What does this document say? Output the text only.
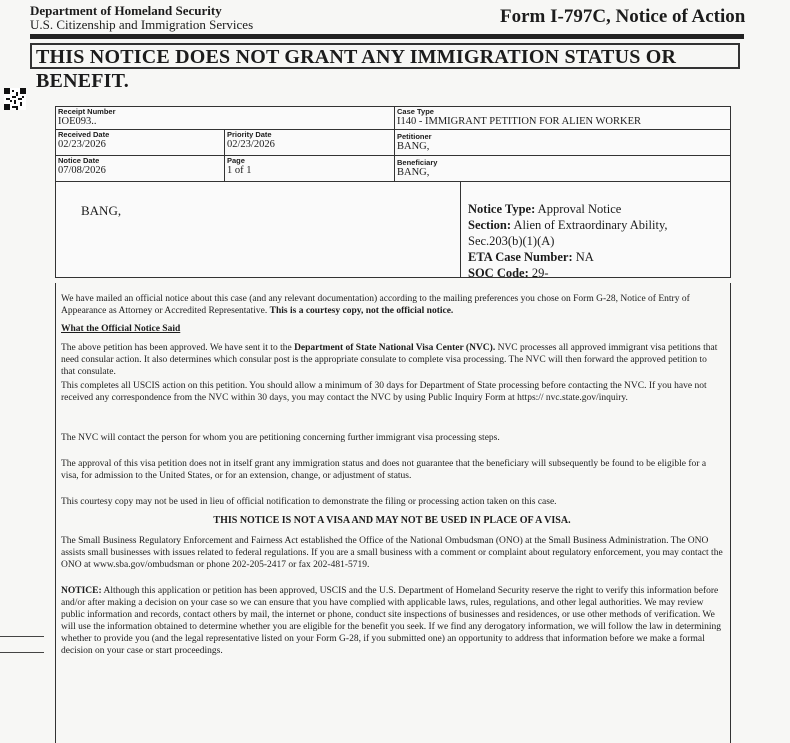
Department of Homeland Security
U.S. Citizenship and Immigration Services	Form I-797C, Notice of Action
THIS NOTICE DOES NOT GRANT ANY IMMIGRATION STATUS OR BENEFIT.
Receipt Number
IOE093..
Case Type
I140 - IMMIGRANT PETITION FOR ALIEN WORKER
Received Date
02/23/2026
Priority Date
02/23/2026
Petitioner
BANG,
Notice Date
07/08/2026
Page
1 of 1
Beneficiary
BANG,
BANG,	Notice Type: Approval Notice
Section: Alien of Extraordinary Ability,
Sec.203(b)(1)(A)
ETA Case Number: NA
SOC Code: 29-
We have mailed an official notice about this case (and any relevant documentation) according to the mailing preferences you chose on Form G-28, Notice of Entry of Appearance as Attorney or Accredited Representative. This is a courtesy copy, not the official notice.
What the Official Notice Said
The above petition has been approved. We have sent it to the Department of State National Visa Center (NVC). NVC processes all approved immigrant visa petitions that need consular action. It also determines which consular post is the appropriate consulate to complete visa processing. The NVC will then forward the approved petition to that consulate.
This completes all USCIS action on this petition. You should allow a minimum of 30 days for Department of State processing before contacting the NVC. If you have not received any correspondence from the NVC within 30 days, you may contact the NVC by using Public Inquiry Form at https:// nvc.state.gov/inquiry.
The NVC will contact the person for whom you are petitioning concerning further immigrant visa processing steps.
The approval of this visa petition does not in itself grant any immigration status and does not guarantee that the beneficiary will subsequently be found to be eligible for a visa, for admission to the United States, or for an extension, change, or adjustment of status.
This courtesy copy may not be used in lieu of official notification to demonstrate the filing or processing action taken on this case.
THIS NOTICE IS NOT A VISA AND MAY NOT BE USED IN PLACE OF A VISA.
The Small Business Regulatory Enforcement and Fairness Act established the Office of the National Ombudsman (ONO) at the Small Business Administration. The ONO assists small businesses with issues related to federal regulations. If you are a small business with a comment or complaint about regulatory enforcement, you may contact the ONO at www.sba.gov/ombudsman or phone 202-205-2417 or fax 202-481-5719.
NOTICE: Although this application or petition has been approved, USCIS and the U.S. Department of Homeland Security reserve the right to verify this information before and/or after making a decision on your case so we can ensure that you have complied with applicable laws, rules, regulations, and other legal authorities. We may review public information and records, contact others by mail, the internet or phone, conduct site inspections of businesses and residences, or use other methods of verification. We will use the information obtained to determine whether you are eligible for the benefit you seek. If we find any derogatory information, we will follow the law in determining whether to provide you (and the legal representative listed on your Form G-28, if you submitted one) an opportunity to address that information before we make a formal decision on your case or start proceedings.
